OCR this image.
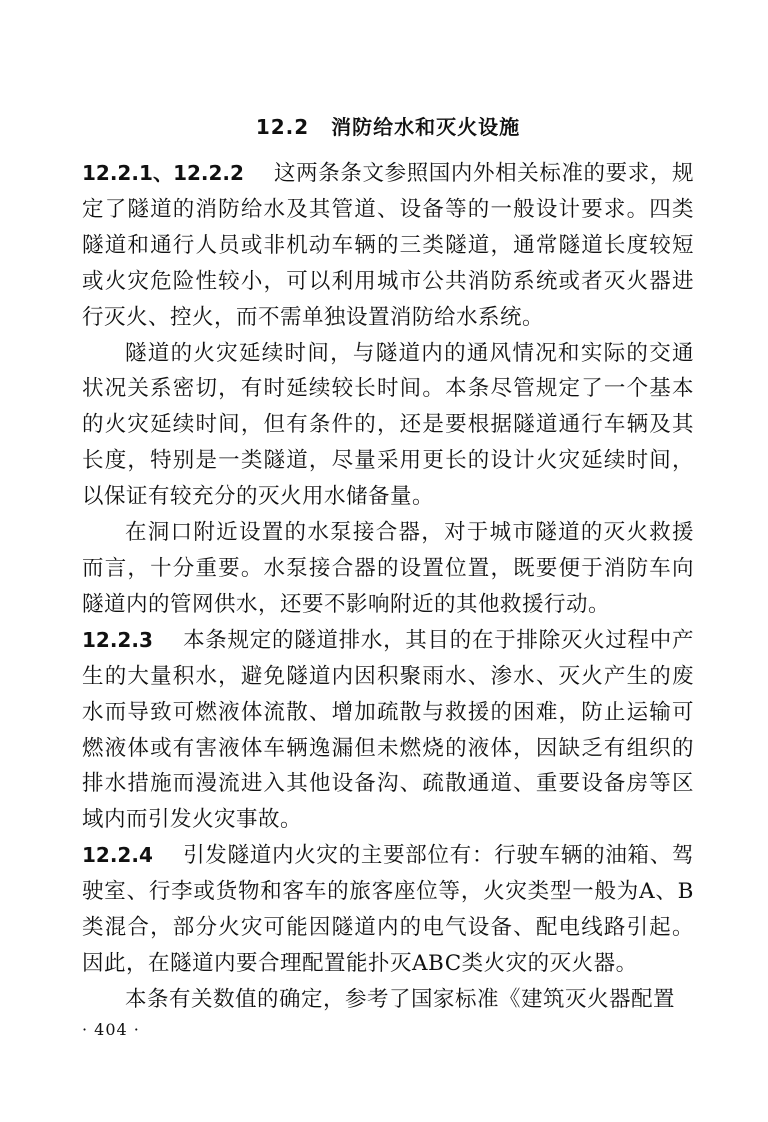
12.2 消防给水和灭火设施

12.2.1、12.2.2 这两条条文参照国内外相关标准的要求，规定了隧道的消防给水及其管道、设备等的一般设计要求。四类隧道和通行人员或非机动车辆的三类隧道，通常隧道长度较短或火灾危险性较小，可以利用城市公共消防系统或者灭火器进行灭火、控火，而不需单独设置消防给水系统。

隧道的火灾延续时间，与隧道内的通风情况和实际的交通状况关系密切，有时延续较长时间。本条尽管规定了一个基本的火灾延续时间，但有条件的，还是要根据隧道通行车辆及其长度，特别是一类隧道，尽量采用更长的设计火灾延续时间，以保证有较充分的灭火用水储备量。

在洞口附近设置的水泵接合器，对于城市隧道的灭火救援而言，十分重要。水泵接合器的设置位置，既要便于消防车向隧道内的管网供水，还要不影响附近的其他救援行动。

12.2.3 本条规定的隧道排水，其目的在于排除灭火过程中产生的大量积水，避免隧道内因积聚雨水、渗水、灭火产生的废水而导致可燃液体流散、增加疏散与救援的困难，防止运输可燃液体或有害液体车辆逸漏但未燃烧的液体，因缺乏有组织的排水措施而漫流进入其他设备沟、疏散通道、重要设备房等区域内而引发火灾事故。

12.2.4 引发隧道内火灾的主要部位有：行驶车辆的油箱、驾驶室、行李或货物和客车的旅客座位等，火灾类型一般为A、B类混合，部分火灾可能因隧道内的电气设备、配电线路引起。因此，在隧道内要合理配置能扑灭ABC类火灾的灭火器。

本条有关数值的确定，参考了国家标准《建筑灭火器配置

· 404 ·
